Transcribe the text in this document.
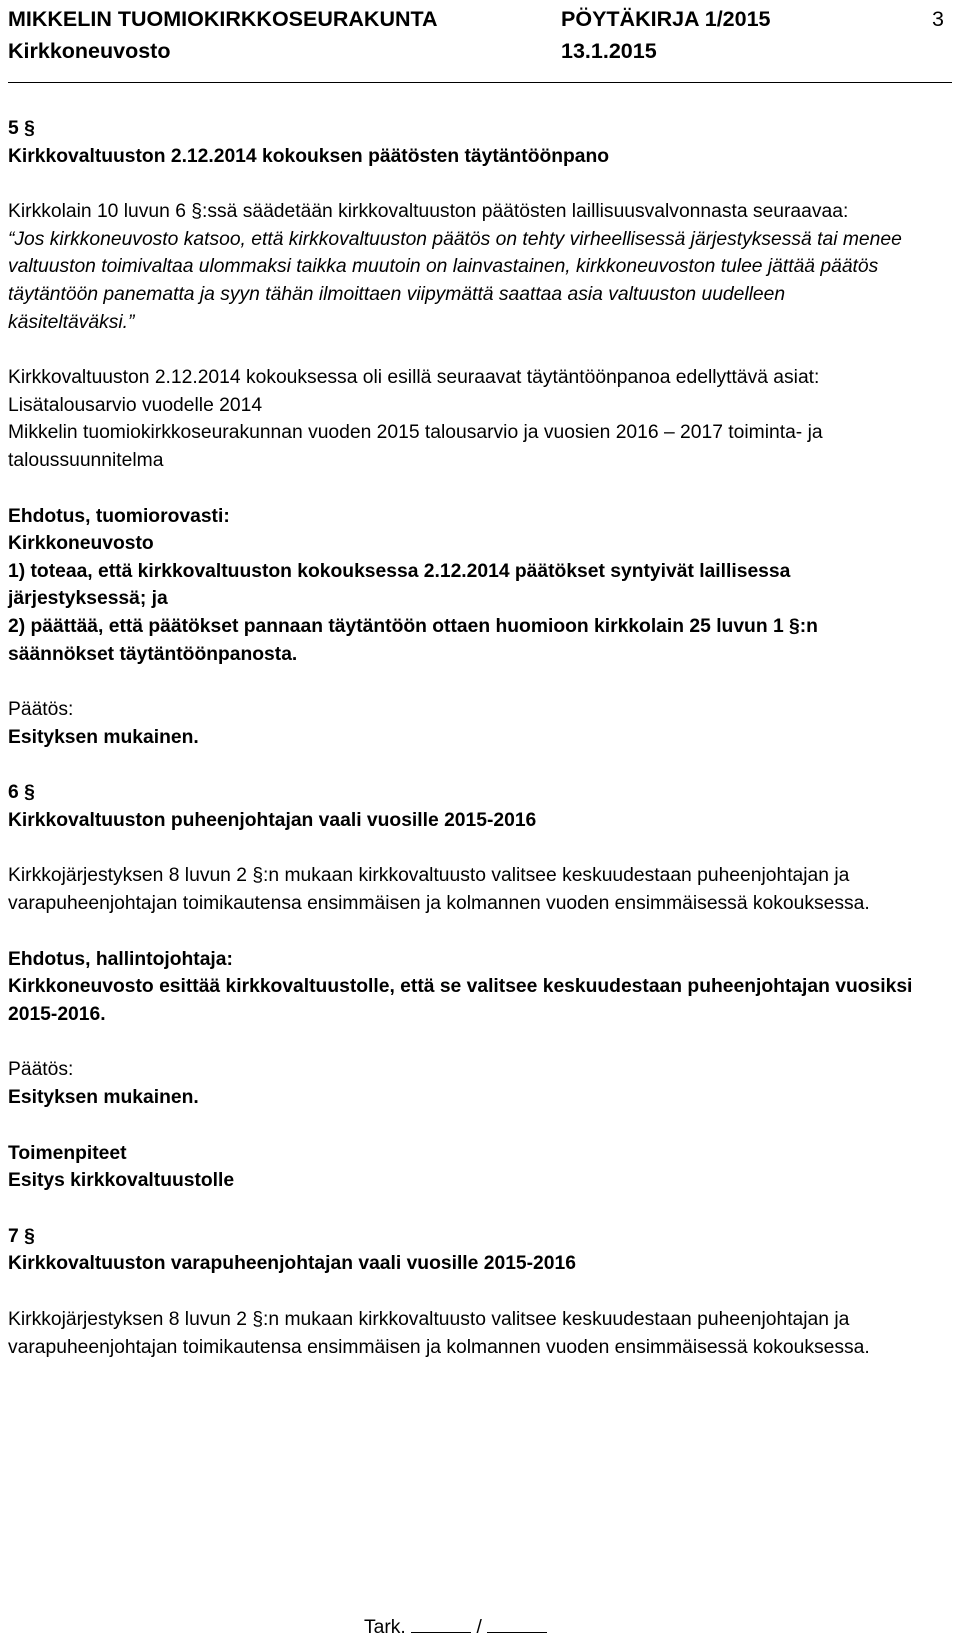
MIKKELIN TUOMIOKIRKKOSEURAKUNTA	PÖYTÄKIRJA 1/2015	3
Kirkkoneuvosto	13.1.2015

5 §

Kirkkovaltuuston 2.12.2014 kokouksen päätösten täytäntöönpano

Kirkkolain 10 luvun 6 §:ssä säädetään kirkkovaltuuston päätösten laillisuusvalvonnasta seuraavaa:

“Jos kirkkoneuvosto katsoo, että kirkkovaltuuston päätös on tehty virheellisessä järjestyksessä tai menee valtuuston toimivaltaa ulommaksi taikka muutoin on lainvastainen, kirkkoneuvoston tulee jättää päätös täytäntöön panematta ja syyn tähän ilmoittaen viipymättä saattaa asia valtuuston uudelleen käsiteltäväksi.”

Kirkkovaltuuston 2.12.2014 kokouksessa oli esillä seuraavat täytäntöönpanoa edellyttävä asiat:

Lisätalousarvio vuodelle 2014

Mikkelin tuomiokirkkoseurakunnan vuoden 2015 talousarvio ja vuosien 2016 – 2017 toiminta- ja taloussuunnitelma

Ehdotus, tuomiorovasti:

Kirkkoneuvosto

1) toteaa, että kirkkovaltuuston kokouksessa 2.12.2014 päätökset syntyivät laillisessa järjestyksessä; ja

2) päättää, että päätökset pannaan täytäntöön ottaen huomioon kirkkolain 25 luvun 1 §:n säännökset täytäntöönpanosta.

Päätös:

Esityksen mukainen.

6 §

Kirkkovaltuuston puheenjohtajan vaali vuosille 2015-2016

Kirkkojärjestyksen 8 luvun 2 §:n mukaan kirkkovaltuusto valitsee keskuudestaan puheenjohtajan ja varapuheenjohtajan toimikautensa ensimmäisen ja kolmannen vuoden ensimmäisessä kokouksessa.

Ehdotus, hallintojohtaja:

Kirkkoneuvosto esittää kirkkovaltuustolle, että se valitsee keskuudestaan puheenjohtajan vuosiksi 2015-2016.

Päätös:

Esityksen mukainen.

Toimenpiteet

Esitys kirkkovaltuustolle

7 §

Kirkkovaltuuston varapuheenjohtajan vaali vuosille 2015-2016

Kirkkojärjestyksen 8 luvun 2 §:n mukaan kirkkovaltuusto valitsee keskuudestaan puheenjohtajan ja varapuheenjohtajan toimikautensa ensimmäisen ja kolmannen vuoden ensimmäisessä kokouksessa.

Tark.	/
